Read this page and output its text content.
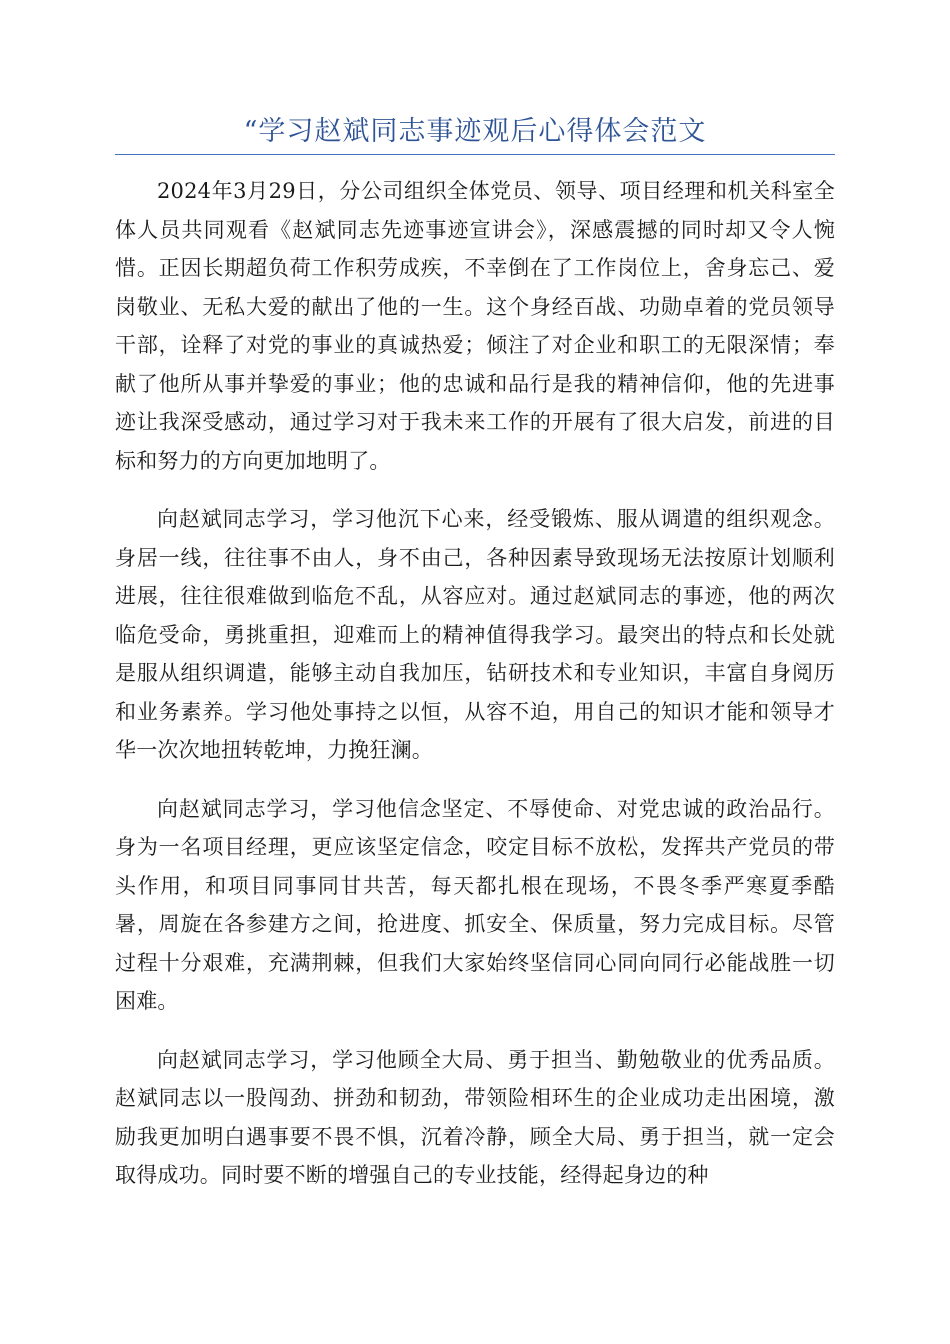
“学习赵斌同志事迹观后心得体会范文

2024年3月29日，分公司组织全体党员、领导、项目经理和机关科室全体人员共同观看《赵斌同志先迹事迹宣讲会》，深感震撼的同时却又令人惋惜。正因长期超负荷工作积劳成疾，不幸倒在了工作岗位上，舍身忘己、爱岗敬业、无私大爱的献出了他的一生。这个身经百战、功勋卓着的党员领导干部，诠释了对党的事业的真诚热爱；倾注了对企业和职工的无限深情；奉献了他所从事并挚爱的事业；他的忠诚和品行是我的精神信仰，他的先进事迹让我深受感动，通过学习对于我未来工作的开展有了很大启发，前进的目标和努力的方向更加地明了。

向赵斌同志学习，学习他沉下心来，经受锻炼、服从调遣的组织观念。身居一线，往往事不由人，身不由己，各种因素导致现场无法按原计划顺利进展，往往很难做到临危不乱，从容应对。通过赵斌同志的事迹，他的两次临危受命，勇挑重担，迎难而上的精神值得我学习。最突出的特点和长处就是服从组织调遣，能够主动自我加压，钻研技术和专业知识，丰富自身阅历和业务素养。学习他处事持之以恒，从容不迫，用自己的知识才能和领导才华一次次地扭转乾坤，力挽狂澜。

向赵斌同志学习，学习他信念坚定、不辱使命、对党忠诚的政治品行。身为一名项目经理，更应该坚定信念，咬定目标不放松，发挥共产党员的带头作用，和项目同事同甘共苦，每天都扎根在现场，不畏冬季严寒夏季酷暑，周旋在各参建方之间，抢进度、抓安全、保质量，努力完成目标。尽管过程十分艰难，充满荆棘，但我们大家始终坚信同心同向同行必能战胜一切困难。

向赵斌同志学习，学习他顾全大局、勇于担当、勤勉敬业的优秀品质。赵斌同志以一股闯劲、拼劲和韧劲，带领险相环生的企业成功走出困境，激励我更加明白遇事要不畏不惧，沉着冷静，顾全大局、勇于担当，就一定会取得成功。同时要不断的增强自己的专业技能，经得起身边的种
